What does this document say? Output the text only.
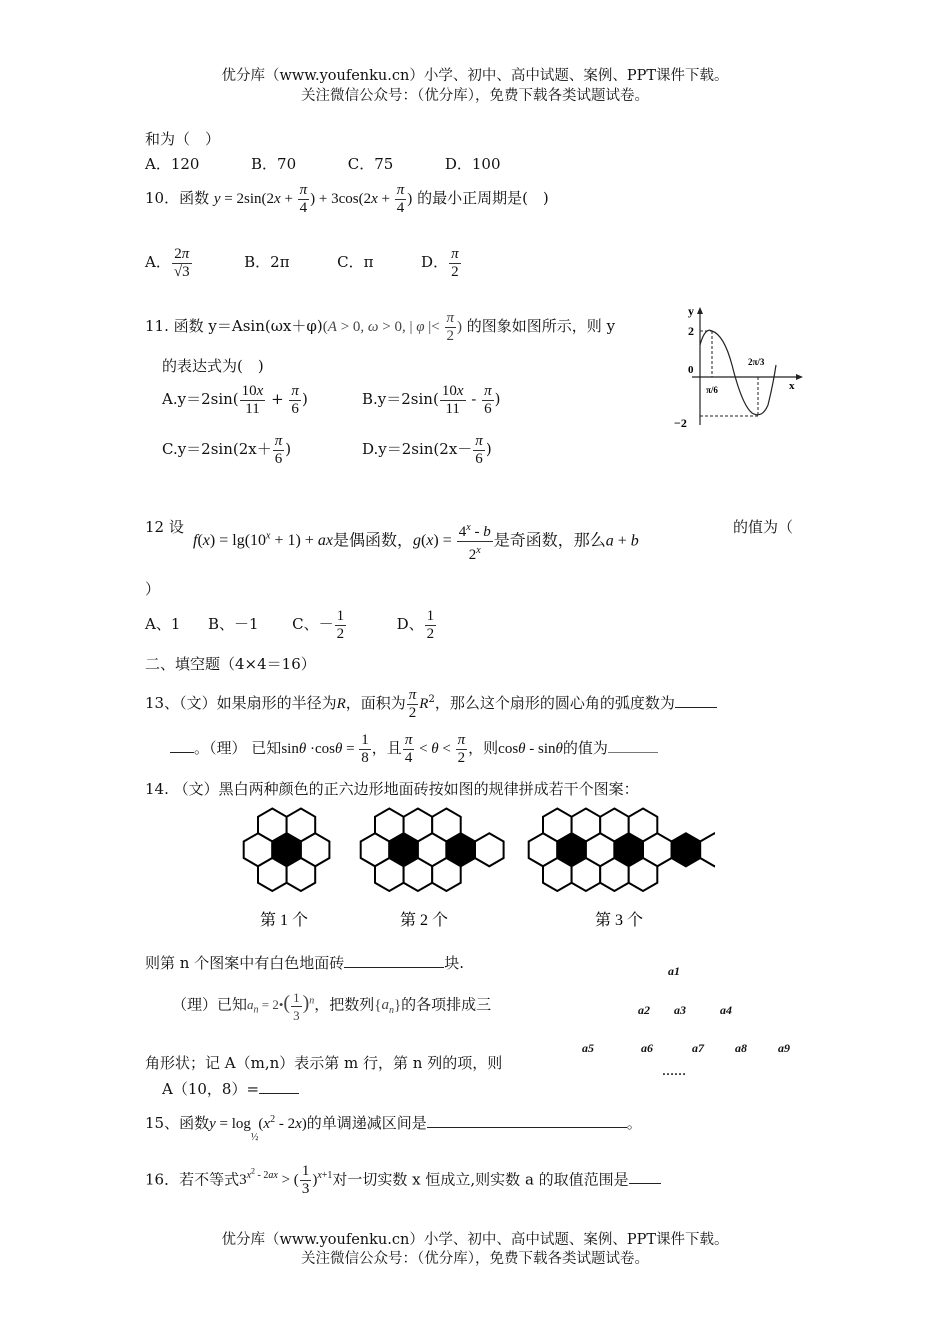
优分库（www.youfenku.cn）小学、初中、高中试题、案例、PPT课件下载。
关注微信公众号：（优分库），免费下载各类试题试卷。
和为（　）
A．120	B．70	C．75	D．100
10．函数 $y = 2\sin(2x + \frac{\pi}{4}$ ) + $3\cos(2x + \frac{\pi}{4}$ ) 的最小正周期是(　)
A． $\frac{2\pi}{√3}$	B．2π	C．π	D． $\frac{\pi}{2}$
11. 函数 y＝Asin(ωx＋φ)(A > 0, ω > 0, | φ |< $\frac{\pi}{2}$ ) 的图象如图所示，则 y
的表达式为(　)
$A.y=2\sin( \frac{10x}{11} + \frac{\pi}{6}$ )	$B.y=2\sin( \frac{10x}{11} - \frac{\pi}{6}$ )
$C.y=2\sin(2x+ \frac{\pi}{6}$ )	$D.y=2\sin(2x- \frac{\pi}{6}$ )
y
x
2
0
−2
π/6
2π/3
12 设
$f(x) = \lg(10^x + 1)$ + ax是偶函数，$g(x) = \frac{4^x - b}{2^x}$ 是奇函数，那么a + b
的值为（
）
A、1 B、－1 C、－ $\frac{1}{2}$	D、 $\frac{1}{2}$
二、填空题（4×4＝16）
13、（文）如果扇形的半径为R，面积为 $\frac{\pi}{2} R^2$，那么这个扇形的圆心角的弧度数为
。（理） 已知$\sin\theta \cdot\cos\theta = \frac{1}{8}$ ，且 $\frac{\pi}{4} < \theta < \frac{\pi}{2}$ ，则cosθ - sinθ的值为
14. （文）黑白两种颜色的正六边形地面砖按如图的规律拼成若干个图案：
第 1 个	第 2 个	第 3 个
则第 n 个图案中有白色地面砖	块.
（理）已知$a_n$ = 2•( $\frac{1}{3} )^n$，把数列$\{a_n\}$的各项排成三
角形状；记 A（m,n）表示第 m 行，第 n 列的项，则
A（10，8）=
a1
a2 a3	a4
a5	a6	a7	a8	a9
……
15、函数$y = \log_{\frac{1}{2}}(x^2 - 2x)$的单调递减区间是	。
16．若不等式$3^{x^2 - 2ax}$ > ( $\frac{1}{3} )^{x+1}$对一切实数 x 恒成立,则实数 a 的取值范围是
优分库（www.youfenku.cn）小学、初中、高中试题、案例、PPT课件下载。
关注微信公众号：（优分库），免费下载各类试题试卷。
